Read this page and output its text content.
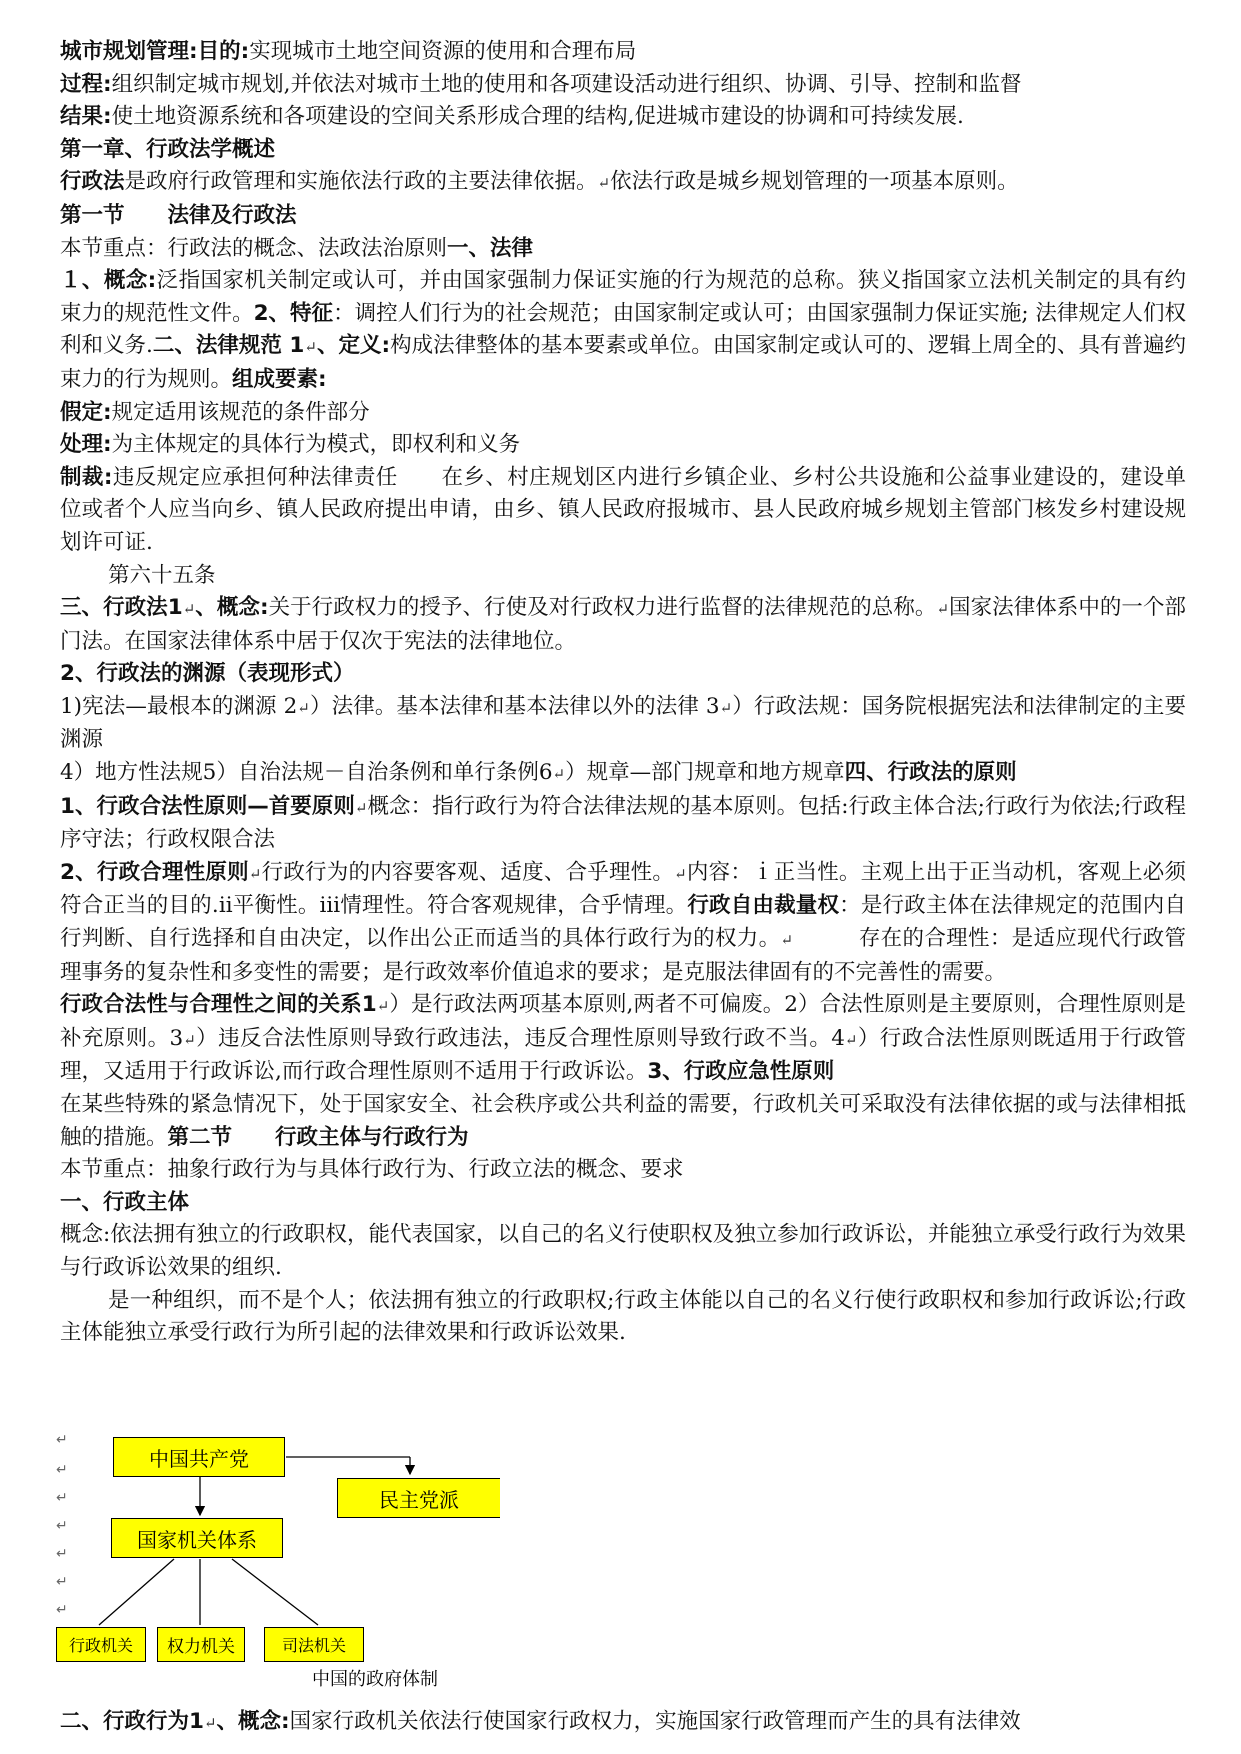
城市规划管理:目的:实现城市土地空间资源的使用和合理布局

过程:组织制定城市规划,并依法对城市土地的使用和各项建设活动进行组织、协调、引导、控制和监督

结果:使土地资源系统和各项建设的空间关系形成合理的结构,促进城市建设的协调和可持续发展.

第一章、行政法学概述

行政法是政府行政管理和实施依法行政的主要法律依据。↵依法行政是城乡规划管理的一项基本原则。

第一节　　法律及行政法

本节重点：行政法的概念、法政法治原则一、法律

１、概念:泛指国家机关制定或认可，并由国家强制力保证实施的行为规范的总称。狭义指国家立法机关制定的具有约束力的规范性文件。2、特征：调控人们行为的社会规范；由国家制定或认可；由国家强制力保证实施; 法律规定人们权利和义务.二、法律规范 1↵、定义:构成法律整体的基本要素或单位。由国家制定或认可的、逻辑上周全的、具有普遍约束力的行为规则。组成要素:

假定:规定适用该规范的条件部分

处理:为主体规定的具体行为模式，即权利和义务

制裁:违反规定应承担何种法律责任　　在乡、村庄规划区内进行乡镇企业、乡村公共设施和公益事业建设的，建设单位或者个人应当向乡、镇人民政府提出申请，由乡、镇人民政府报城市、县人民政府城乡规划主管部门核发乡村建设规划许可证.

第六十五条

三、行政法1↵、概念:关于行政权力的授予、行使及对行政权力进行监督的法律规范的总称。↵国家法律体系中的一个部门法。在国家法律体系中居于仅次于宪法的法律地位。

2、行政法的渊源（表现形式）

1)宪法—最根本的渊源 2↵）法律。基本法律和基本法律以外的法律 3↵）行政法规：国务院根据宪法和法律制定的主要渊源

4）地方性法规5）自治法规－自治条例和单行条例6↵）规章—部门规章和地方规章四、行政法的原则

1、行政合法性原则—首要原则↵概念：指行政行为符合法律法规的基本原则。包括:行政主体合法;行政行为依法;行政程序守法；行政权限合法

2、行政合理性原则↵行政行为的内容要客观、适度、合乎理性。↵内容：ｉ正当性。主观上出于正当动机，客观上必须符合正当的目的.ⅱ平衡性。ⅲ情理性。符合客观规律，合乎情理。行政自由裁量权：是行政主体在法律规定的范围内自行判断、自行选择和自由决定，以作出公正而适当的具体行政行为的权力。↵　　　存在的合理性：是适应现代行政管理事务的复杂性和多变性的需要；是行政效率价值追求的要求；是克服法律固有的不完善性的需要。

行政合法性与合理性之间的关系1↵）是行政法两项基本原则,两者不可偏废。2）合法性原则是主要原则，合理性原则是补充原则。3↵）违反合法性原则导致行政违法，违反合理性原则导致行政不当。4↵）行政合法性原则既适用于行政管理，又适用于行政诉讼,而行政合理性原则不适用于行政诉讼。3、行政应急性原则

在某些特殊的紧急情况下，处于国家安全、社会秩序或公共利益的需要，行政机关可采取没有法律依据的或与法律相抵触的措施。第二节　　行政主体与行政行为

本节重点：抽象行政行为与具体行政行为、行政立法的概念、要求

一、行政主体

概念:依法拥有独立的行政职权，能代表国家，以自己的名义行使职权及独立参加行政诉讼，并能独立承受行政行为效果与行政诉讼效果的组织.

是一种组织，而不是个人；依法拥有独立的行政职权;行政主体能以自己的名义行使行政职权和参加行政诉讼;行政主体能独立承受行政行为所引起的法律效果和行政诉讼效果.

↵
↵
↵
↵
↵
↵
↵
中国共产党
民主党派
国家机关体系
行政机关	权力机关	司法机关
中国的政府体制

二、行政行为1↵、概念:国家行政机关依法行使国家行政权力，实施国家行政管理而产生的具有法律效
